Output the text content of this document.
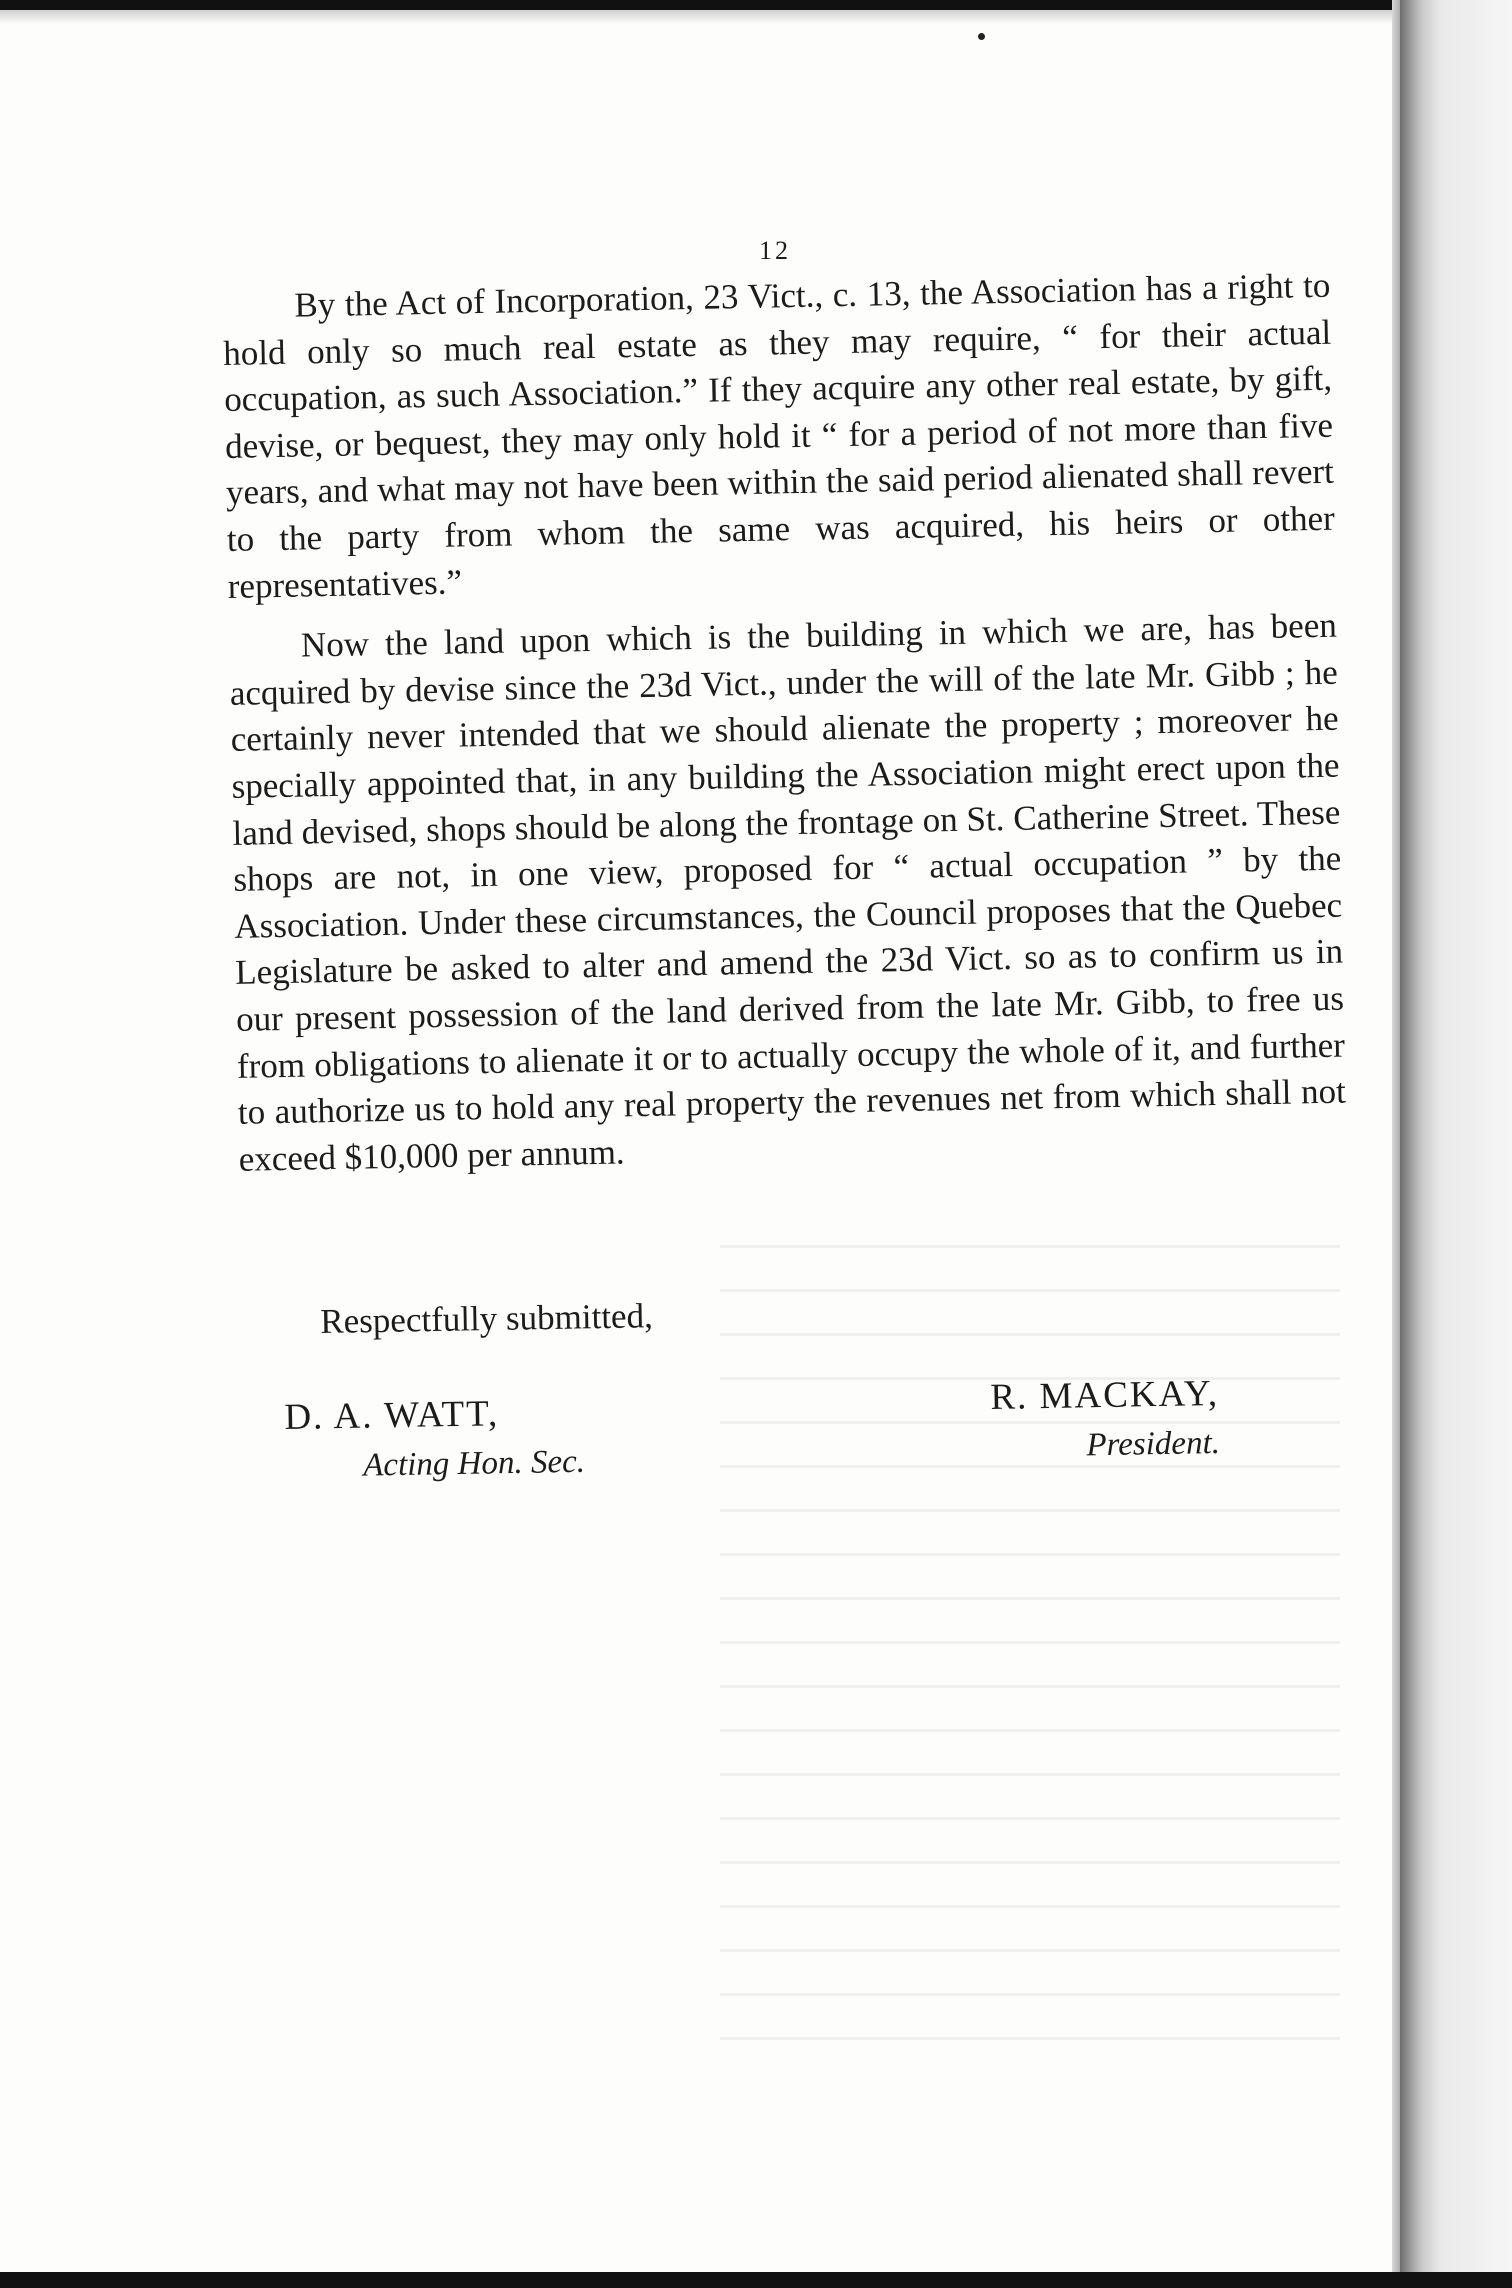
12

By the Act of Incorporation, 23 Vict., c. 13, the Association has a right to hold only so much real estate as they may require, “ for their actual occupation, as such Association.” If they acquire any other real estate, by gift, devise, or bequest, they may only hold it “ for a period of not more than five years, and what may not have been within the said period alienated shall revert to the party from whom the same was acquired, his heirs or other representatives.”

Now the land upon which is the building in which we are, has been acquired by devise since the 23d Vict., under the will of the late Mr. Gibb ; he certainly never intended that we should alienate the property ; moreover he specially appointed that, in any building the Association might erect upon the land devised, shops should be along the frontage on St. Catherine Street. These shops are not, in one view, proposed for “ actual occupation ” by the Association. Under these circumstances, the Council proposes that the Quebec Legislature be asked to alter and amend the 23d Vict. so as to confirm us in our present possession of the land derived from the late Mr. Gibb, to free us from obligations to alienate it or to actually occupy the whole of it, and further to authorize us to hold any real property the revenues net from which shall not exceed $10,000 per annum.

Respectfully submitted,
D. A. WATT,
Acting Hon. Sec.
R. MACKAY,
President.
